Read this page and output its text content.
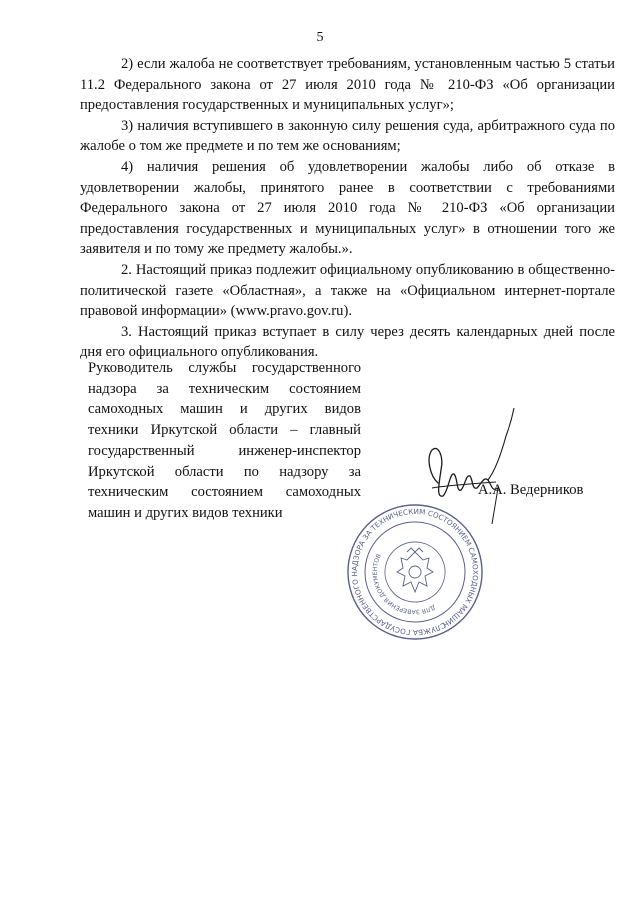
5

2) если жалоба не соответствует требованиям, установленным частью 5 статьи 11.2 Федерального закона от 27 июля 2010 года № 210-ФЗ «Об организации предоставления государственных и муниципальных услуг»;

3) наличия вступившего в законную силу решения суда, арбитражного суда по жалобе о том же предмете и по тем же основаниям;

4) наличия решения об удовлетворении жалобы либо об отказе в удовлетворении жалобы, принятого ранее в соответствии с требованиями Федерального закона от 27 июля 2010 года № 210-ФЗ «Об организации предоставления государственных и муниципальных услуг» в отношении того же заявителя и по тому же предмету жалобы.».

2. Настоящий приказ подлежит официальному опубликованию в общественно-политической газете «Областная», а также на «Официальном интернет-портале правовой информации» (www.pravo.gov.ru).

3. Настоящий приказ вступает в силу через десять календарных дней после дня его официального опубликования.

Руководитель службы государственного надзора за техническим состоянием самоходных машин и других видов техники Иркутской области – главный государственный инженер-инспектор Иркутской области по надзору за техническим состоянием самоходных машин и других видов техники
А.А. Ведерников
СЛУЖБА ГОСУДАРСТВЕННОГО НАДЗОРА ЗА ТЕХНИЧЕСКИМ СОСТОЯНИЕМ САМОХОДНЫХ МАШИН
ДЛЯ ЗАВЕРЕНИЯ ДОКУМЕНТОВ
